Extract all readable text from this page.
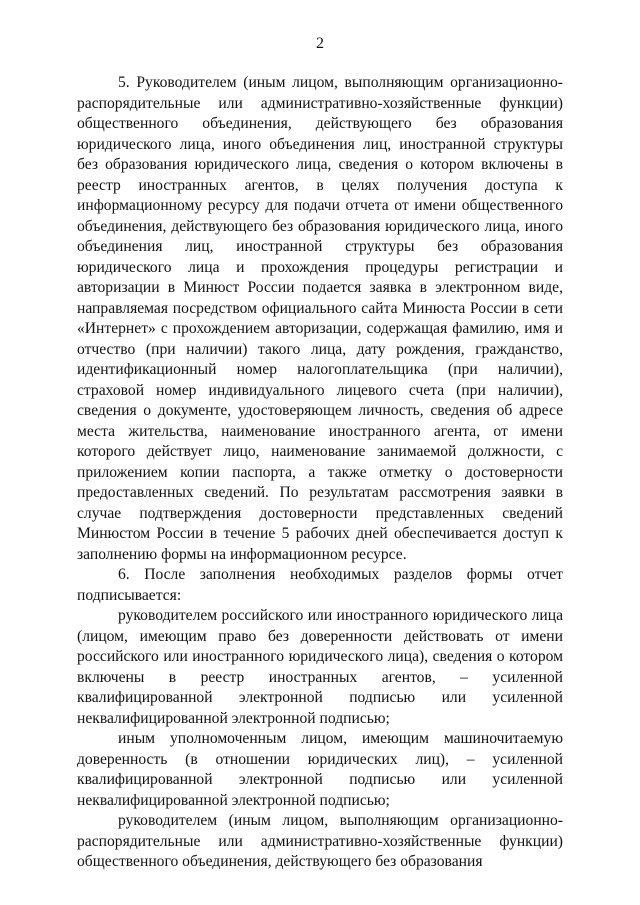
2

5. Руководителем (иным лицом, выполняющим организационно-распорядительные или административно-хозяйственные функции) общественного объединения, действующего без образования юридического лица, иного объединения лиц, иностранной структуры без образования юридического лица, сведения о котором включены в реестр иностранных агентов, в целях получения доступа к информационному ресурсу для подачи отчета от имени общественного объединения, действующего без образования юридического лица, иного объединения лиц, иностранной структуры без образования юридического лица и прохождения процедуры регистрации и авторизации в Минюст России подается заявка в электронном виде, направляемая посредством официального сайта Минюста России в сети «Интернет» с прохождением авторизации, содержащая фамилию, имя и отчество (при наличии) такого лица, дату рождения, гражданство, идентификационный номер налогоплательщика (при наличии), страховой номер индивидуального лицевого счета (при наличии), сведения о документе, удостоверяющем личность, сведения об адресе места жительства, наименование иностранного агента, от имени которого действует лицо, наименование занимаемой должности, с приложением копии паспорта, а также отметку о достоверности предоставленных сведений. По результатам рассмотрения заявки в случае подтверждения достоверности представленных сведений Минюстом России в течение 5 рабочих дней обеспечивается доступ к заполнению формы на информационном ресурсе.

6. После заполнения необходимых разделов формы отчет подписывается:

руководителем российского или иностранного юридического лица (лицом, имеющим право без доверенности действовать от имени российского или иностранного юридического лица), сведения о котором включены в реестр иностранных агентов, – усиленной квалифицированной электронной подписью или усиленной неквалифицированной электронной подписью;

иным уполномоченным лицом, имеющим машиночитаемую доверенность (в отношении юридических лиц), – усиленной квалифицированной электронной подписью или усиленной неквалифицированной электронной подписью;

руководителем (иным лицом, выполняющим организационно-распорядительные или административно-хозяйственные функции) общественного объединения, действующего без образования
